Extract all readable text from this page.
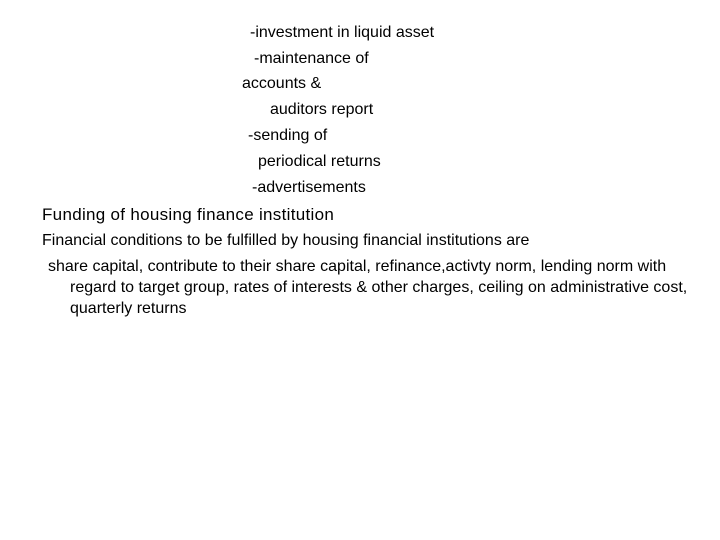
-investment in liquid asset
-maintenance of
accounts &
auditors report
-sending of
periodical returns
-advertisements
Funding of housing finance institution
Financial conditions to be fulfilled by housing financial institutions are
share capital, contribute to their share capital, refinance,activty norm, lending norm with regard to target group, rates of interests & other charges, ceiling on administrative cost, quarterly returns
